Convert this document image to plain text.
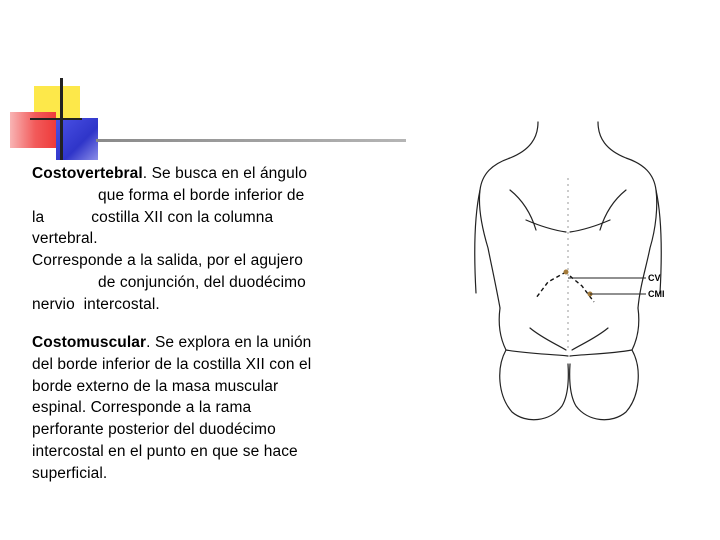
Costovertebral. Se busca en el ángulo
que forma el borde inferior de
la	costilla XII con la columna
vertebral.
Corresponde a la salida, por el agujero
de conjunción, del duodécimo
nervio  intercostal.
Costomuscular. Se explora en la unión
del borde inferior de la costilla XII con el
borde externo de la masa muscular
espinal. Corresponde a la rama
perforante posterior del duodécimo
intercostal en el punto en que se hace
superficial.
CV
CMI
